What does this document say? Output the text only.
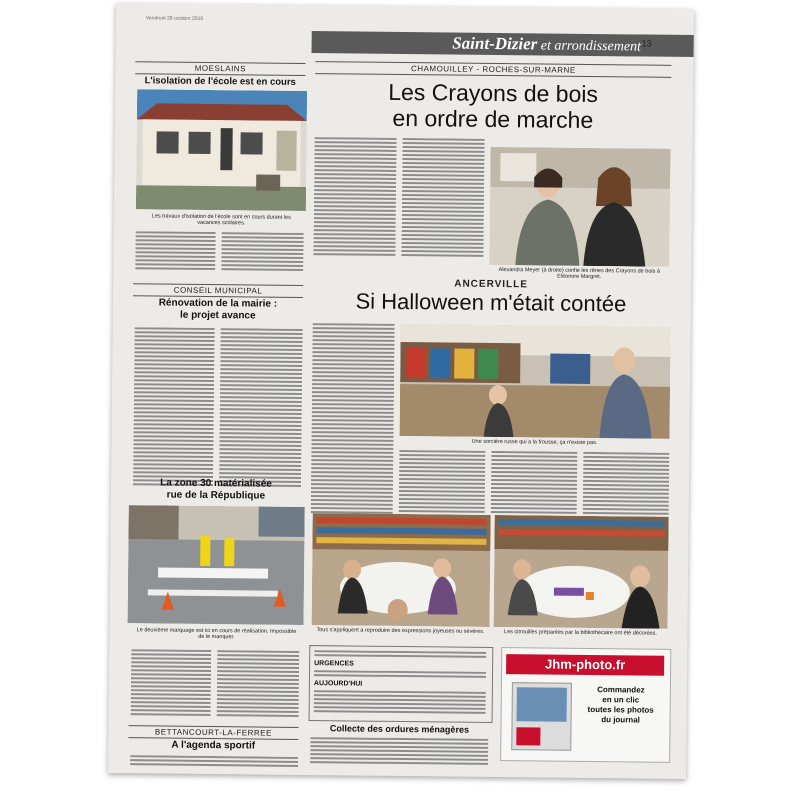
Vendredi 28 octobre 2016
Saint-Dizier et arrondissement 13
MOESLAINS
L'isolation de l'école est en cours
Les travaux d'isolation de l'école sont en cours durant les vacances scolaires.
CONSEIL MUNICIPAL
Rénovation de la mairie :
le projet avance
La zone 30 matérialisée
rue de la République
Le deuxième marquage est ici en cours de réalisation. Impossible de le manquer.
BETTANCOURT-LA-FERREE
A l'agenda sportif
CHAMOUILLEY - ROCHES-SUR-MARNE
Les Crayons de bois
en ordre de marche
Alexandra Meyer (à droite) confie les rênes des Crayons de bois à Eléonore Margret.
ANCERVILLE
Si Halloween m'était contée
Une sorcière russe qui a la frousse, ça n'existe pas.
Tous s'appliquent à reproduire des expressions joyeuses ou sévères.	Les citrouilles préparées par la bibliothécaire ont été décorées.
URGENCES
AUJOURD'HUI
Collecte des ordures ménagères
Jhm-photo.fr
Commandez
en un clic
toutes les photos
du journal
